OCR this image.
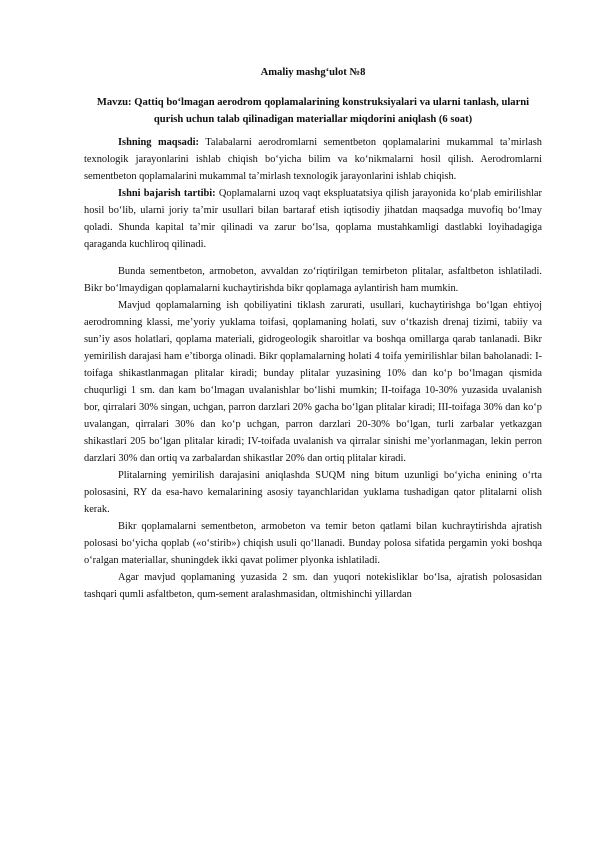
Amaliy mashg‘ulot №8
Mavzu: Qattiq bo‘lmagan aerodrom qoplamalarining konstruksiyalari va ularni tanlash, ularni qurish uchun talab qilinadigan materiallar miqdorini aniqlash (6 soat)

Ishning maqsadi: Talabalarni aerodromlarni sementbeton qoplamalarini mukammal ta’mirlash texnologik jarayonlarini ishlab chiqish bo‘yicha bilim va ko‘nikmalarni hosil qilish. Aerodromlarni sementbeton qoplamalarini mukammal ta’mirlash texnologik jarayonlarini ishlab chiqish.

Ishni bajarish tartibi: Qoplamalarni uzoq vaqt ekspluatatsiya qilish jarayonida ko‘plab emirilishlar hosil bo‘lib, ularni joriy ta’mir usullari bilan bartaraf etish iqtisodiy jihatdan maqsadga muvofiq bo‘lmay qoladi. Shunda kapital ta’mir qilinadi va zarur bo‘lsa, qoplama mustahkamligi dastlabki loyihadagiga qaraganda kuchliroq qilinadi.

Bunda sementbeton, armobeton, avvaldan zo‘riqtirilgan temirbeton plitalar, asfaltbeton ishlatiladi. Bikr bo‘lmaydigan qoplamalarni kuchaytirishda bikr qoplamaga aylantirish ham mumkin.

Mavjud qoplamalarning ish qobiliyatini tiklash zarurati, usullari, kuchaytirishga bo‘lgan ehtiyoj aerodromning klassi, me’yoriy yuklama toifasi, qoplamaning holati, suv o‘tkazish drenaj tizimi, tabiiy va sun’iy asos holatlari, qoplama materiali, gidrogeologik sharoitlar va boshqa omillarga qarab tanlanadi. Bikr yemirilish darajasi ham e’tiborga olinadi. Bikr qoplamalarning holati 4 toifa yemirilishlar bilan baholanadi: I-toifaga shikastlanmagan plitalar kiradi; bunday plitalar yuzasining 10% dan ko‘p bo‘lmagan qismida chuqurligi 1 sm. dan kam bo‘lmagan uvalanishlar bo‘lishi mumkin; II-toifaga 10-30% yuzasida uvalanish bor, qirralari 30% singan, uchgan, parron darzlari 20% gacha bo‘lgan plitalar kiradi; III-toifaga 30% dan ko‘p uvalangan, qirralari 30% dan ko‘p uchgan, parron darzlari 20-30% bo‘lgan, turli zarbalar yetkazgan shikastlari 205 bo‘lgan plitalar kiradi; IV-toifada uvalanish va qirralar sinishi me’yorlanmagan, lekin perron darzlari 30% dan ortiq va zarbalardan shikastlar 20% dan ortiq plitalar kiradi.

Plitalarning yemirilish darajasini aniqlashda SUQM ning bitum uzunligi bo‘yicha enining o‘rta polosasini, RY da esa-havo kemalarining asosiy tayanchlaridan yuklama tushadigan qator plitalarni olish kerak.

Bikr qoplamalarni sementbeton, armobeton va temir beton qatlami bilan kuchraytirishda ajratish polosasi bo‘yicha qoplab («o‘stirib») chiqish usuli qo‘llanadi. Bunday polosa sifatida pergamin yoki boshqa o‘ralgan materiallar, shuningdek ikki qavat polimer plyonka ishlatiladi.

Agar mavjud qoplamaning yuzasida 2 sm. dan yuqori notekisliklar bo‘lsa, ajratish polosasidan tashqari qumli asfaltbeton, qum-sement aralashmasidan, oltmishinchi yillardan
